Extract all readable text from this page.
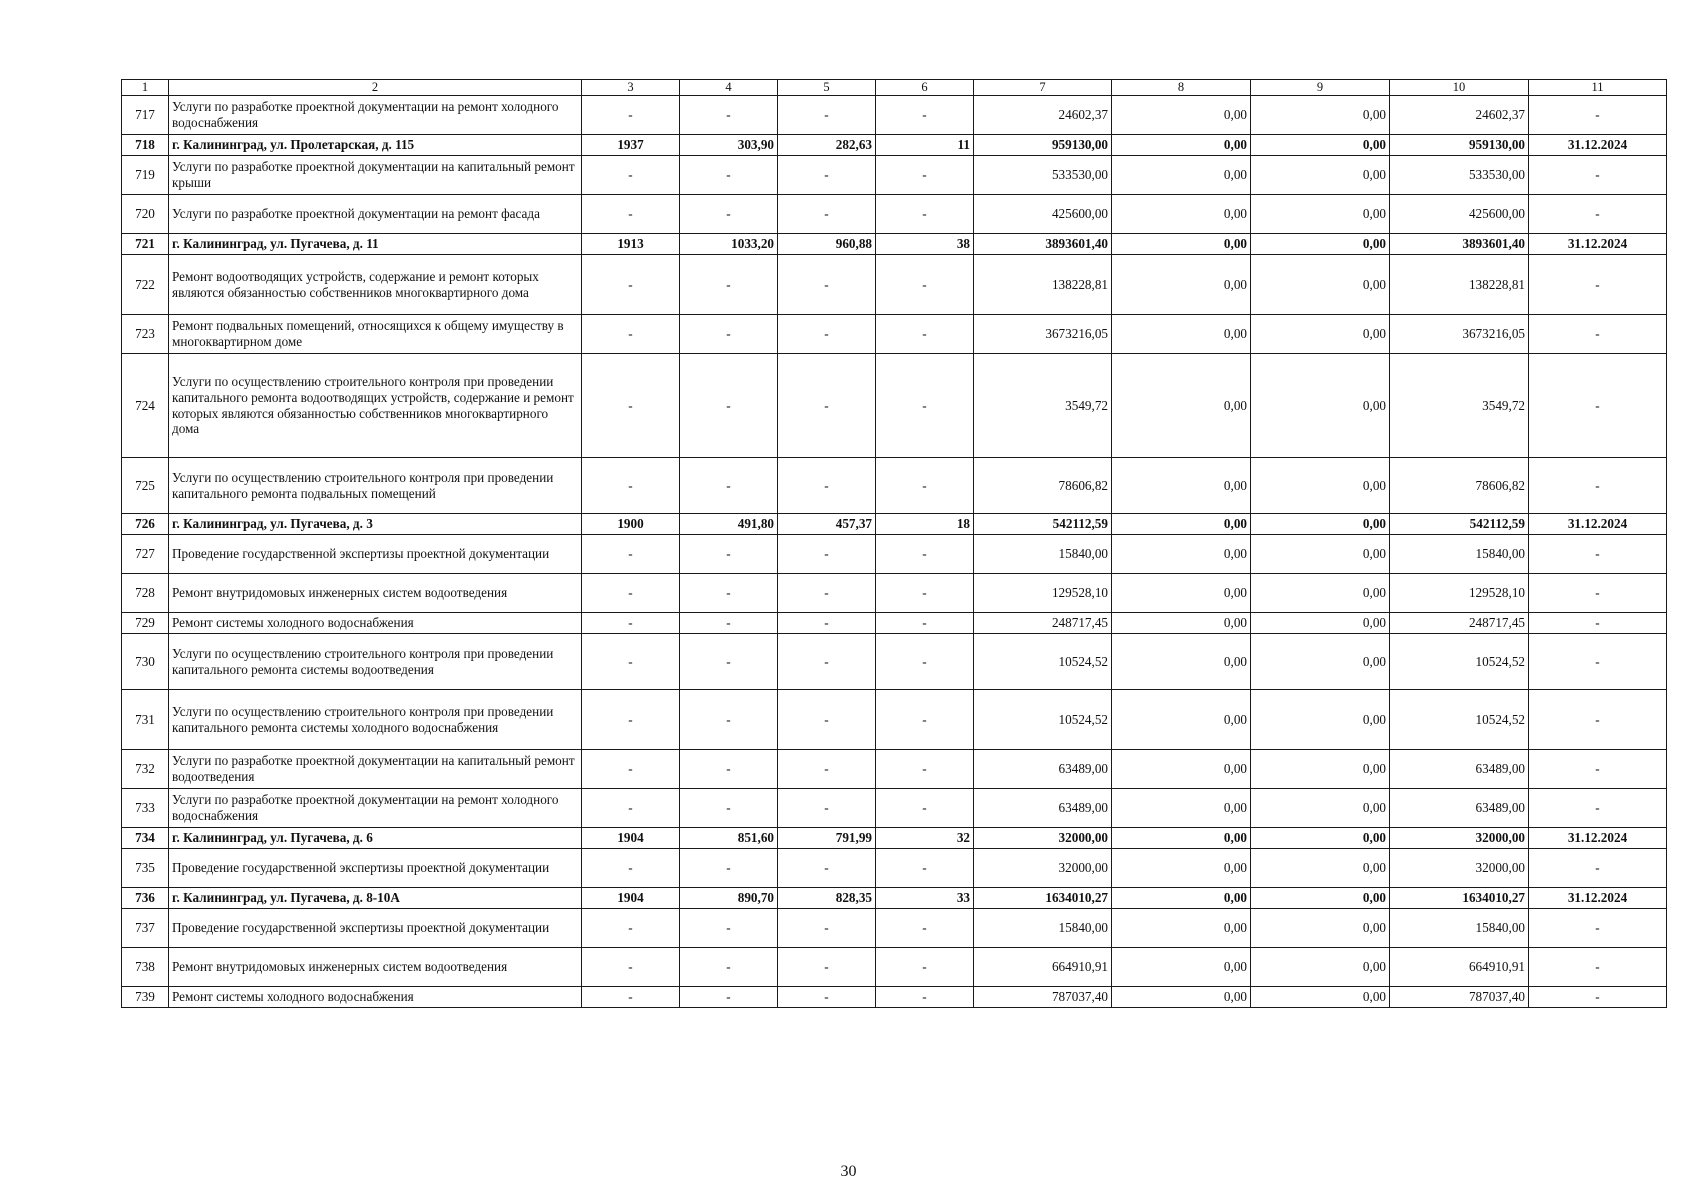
1	2	3	4	5	6	7	8	9	10	11
717	Услуги по разработке проектной документации на ремонт холодного водоснабжения	-	-	-	-	24602,37	0,00	0,00	24602,37	-
718	г. Калининград, ул. Пролетарская, д. 115	1937	303,90	282,63	11	959130,00	0,00	0,00	959130,00	31.12.2024
719	Услуги по разработке проектной документации на капитальный ремонт крыши	-	-	-	-	533530,00	0,00	0,00	533530,00	-
720	Услуги по разработке проектной документации на ремонт фасада	-	-	-	-	425600,00	0,00	0,00	425600,00	-
721	г. Калининград, ул. Пугачева, д. 11	1913	1033,20	960,88	38	3893601,40	0,00	0,00	3893601,40	31.12.2024
722	Ремонт водоотводящих устройств, содержание и ремонт которых являются обязанностью собственников многоквартирного дома	-	-	-	-	138228,81	0,00	0,00	138228,81	-
723	Ремонт подвальных помещений, относящихся к общему имуществу в многоквартирном доме	-	-	-	-	3673216,05	0,00	0,00	3673216,05	-
724	Услуги по осуществлению строительного контроля при проведении капитального ремонта водоотводящих устройств, содержание и ремонт которых являются обязанностью собственников многоквартирного дома	-	-	-	-	3549,72	0,00	0,00	3549,72	-
725	Услуги по осуществлению строительного контроля при проведении капитального ремонта подвальных помещений	-	-	-	-	78606,82	0,00	0,00	78606,82	-
726	г. Калининград, ул. Пугачева, д. 3	1900	491,80	457,37	18	542112,59	0,00	0,00	542112,59	31.12.2024
727	Проведение государственной экспертизы проектной документации	-	-	-	-	15840,00	0,00	0,00	15840,00	-
728	Ремонт внутридомовых инженерных систем водоотведения	-	-	-	-	129528,10	0,00	0,00	129528,10	-
729	Ремонт системы холодного водоснабжения	-	-	-	-	248717,45	0,00	0,00	248717,45	-
730	Услуги по осуществлению строительного контроля при проведении капитального ремонта системы водоотведения	-	-	-	-	10524,52	0,00	0,00	10524,52	-
731	Услуги по осуществлению строительного контроля при проведении капитального ремонта системы холодного водоснабжения	-	-	-	-	10524,52	0,00	0,00	10524,52	-
732	Услуги по разработке проектной документации на капитальный ремонт водоотведения	-	-	-	-	63489,00	0,00	0,00	63489,00	-
733	Услуги по разработке проектной документации на ремонт холодного водоснабжения	-	-	-	-	63489,00	0,00	0,00	63489,00	-
734	г. Калининград, ул. Пугачева, д. 6	1904	851,60	791,99	32	32000,00	0,00	0,00	32000,00	31.12.2024
735	Проведение государственной экспертизы проектной документации	-	-	-	-	32000,00	0,00	0,00	32000,00	-
736	г. Калининград, ул. Пугачева, д. 8-10А	1904	890,70	828,35	33	1634010,27	0,00	0,00	1634010,27	31.12.2024
737	Проведение государственной экспертизы проектной документации	-	-	-	-	15840,00	0,00	0,00	15840,00	-
738	Ремонт внутридомовых инженерных систем водоотведения	-	-	-	-	664910,91	0,00	0,00	664910,91	-
739	Ремонт системы холодного водоснабжения	-	-	-	-	787037,40	0,00	0,00	787037,40	-
30
